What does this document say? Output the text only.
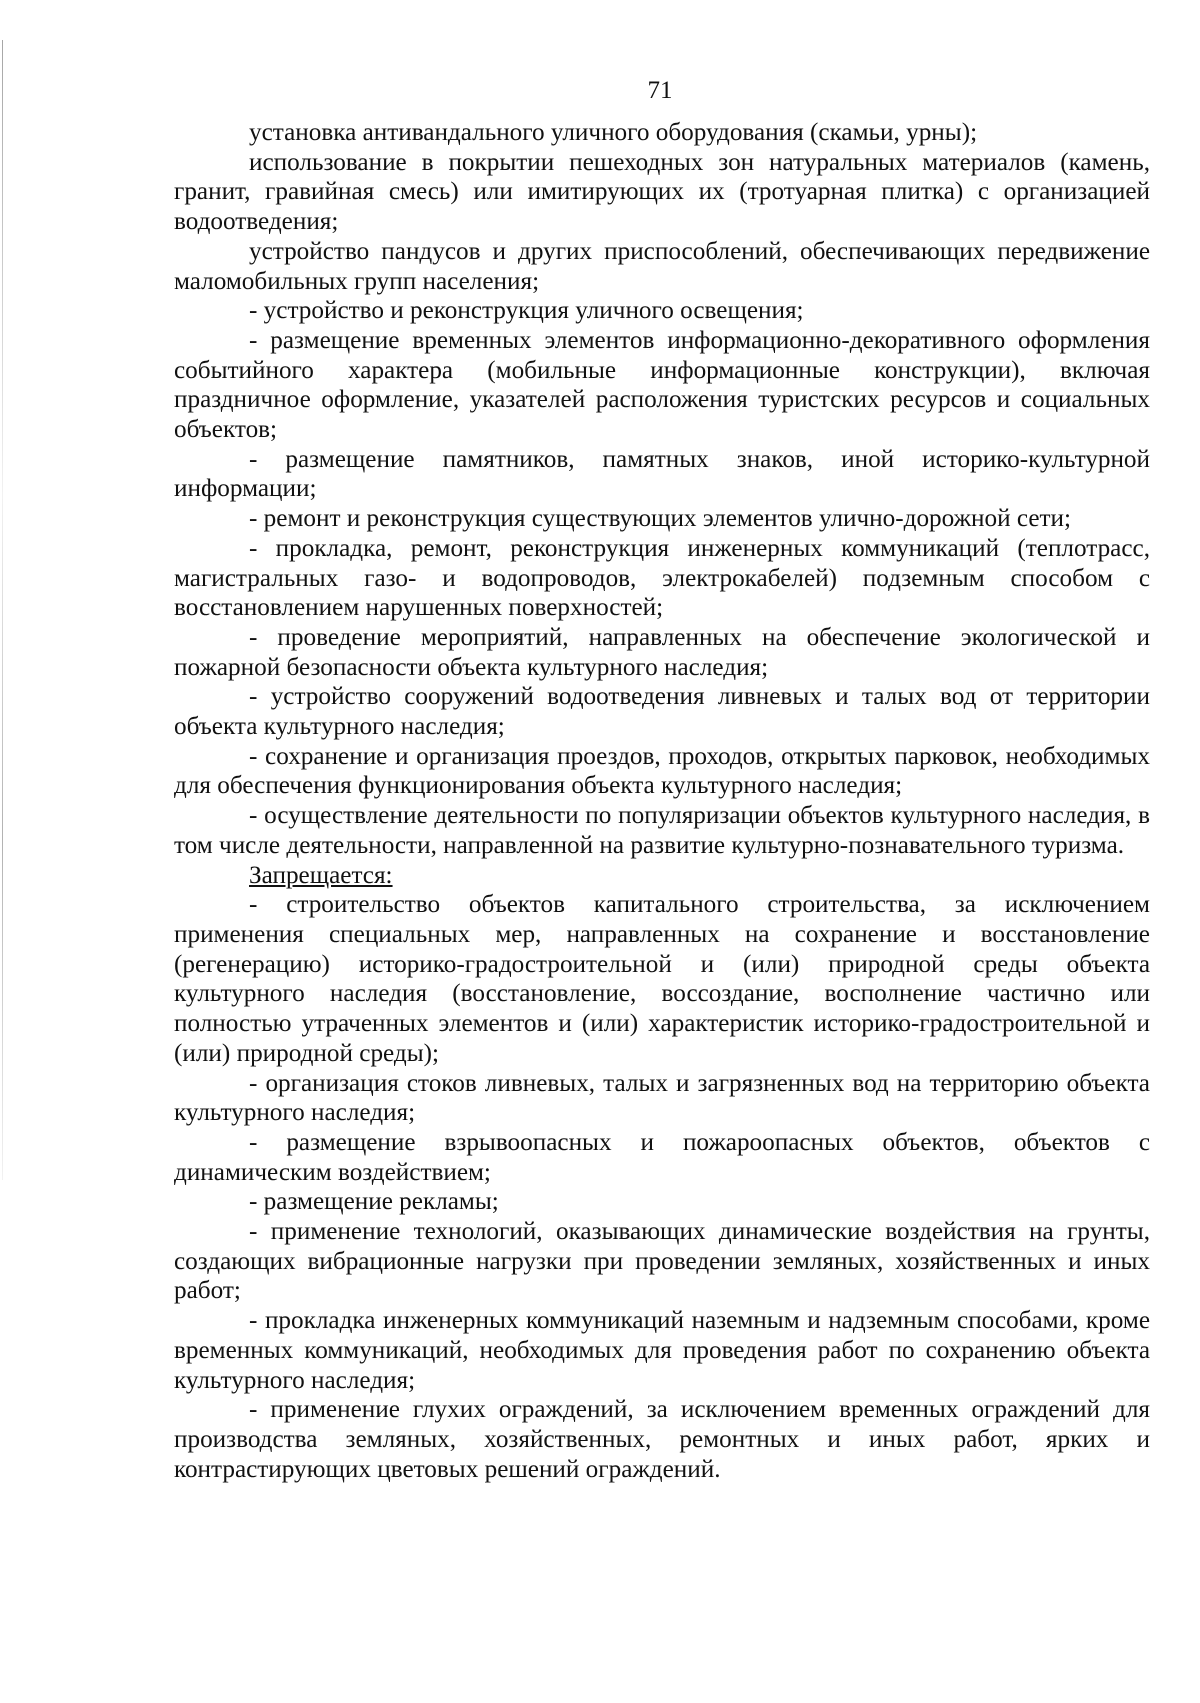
71

установка антивандального уличного оборудования (скамьи, урны);

использование в покрытии пешеходных зон натуральных материалов (камень, гранит, гравийная смесь) или имитирующих их (тротуарная плитка) с организацией водоотведения;

устройство пандусов и других приспособлений, обеспечивающих передвижение маломобильных групп населения;

- устройство и реконструкция уличного освещения;

- размещение временных элементов информационно-декоративного оформления событийного характера (мобильные информационные конструкции), включая праздничное оформление, указателей расположения туристских ресурсов и социальных объектов;

- размещение памятников, памятных знаков, иной историко-культурной информации;

- ремонт и реконструкция существующих элементов улично-дорожной сети;

- прокладка, ремонт, реконструкция инженерных коммуникаций (теплотрасс, магистральных газо- и водопроводов, электрокабелей) подземным способом с восстановлением нарушенных поверхностей;

- проведение мероприятий, направленных на обеспечение экологической и пожарной безопасности объекта культурного наследия;

- устройство сооружений водоотведения ливневых и талых вод от территории объекта культурного наследия;

- сохранение и организация проездов, проходов, открытых парковок, необходимых для обеспечения функционирования объекта культурного наследия;

- осуществление деятельности по популяризации объектов культурного наследия, в том числе деятельности, направленной на развитие культурно-познавательного туризма.

Запрещается:

- строительство объектов капитального строительства, за исключением применения специальных мер, направленных на сохранение и восстановление (регенерацию) историко-градостроительной и (или) природной среды объекта культурного наследия (восстановление, воссоздание, восполнение частично или полностью утраченных элементов и (или) характеристик историко-градостроительной и (или) природной среды);

- организация стоков ливневых, талых и загрязненных вод на территорию объекта культурного наследия;

- размещение взрывоопасных и пожароопасных объектов, объектов с динамическим воздействием;

- размещение рекламы;

- применение технологий, оказывающих динамические воздействия на грунты, создающих вибрационные нагрузки при проведении земляных, хозяйственных и иных работ;

- прокладка инженерных коммуникаций наземным и надземным способами, кроме временных коммуникаций, необходимых для проведения работ по сохранению объекта культурного наследия;

- применение глухих ограждений, за исключением временных ограждений для производства земляных, хозяйственных, ремонтных и иных работ, ярких и контрастирующих цветовых решений ограждений.
